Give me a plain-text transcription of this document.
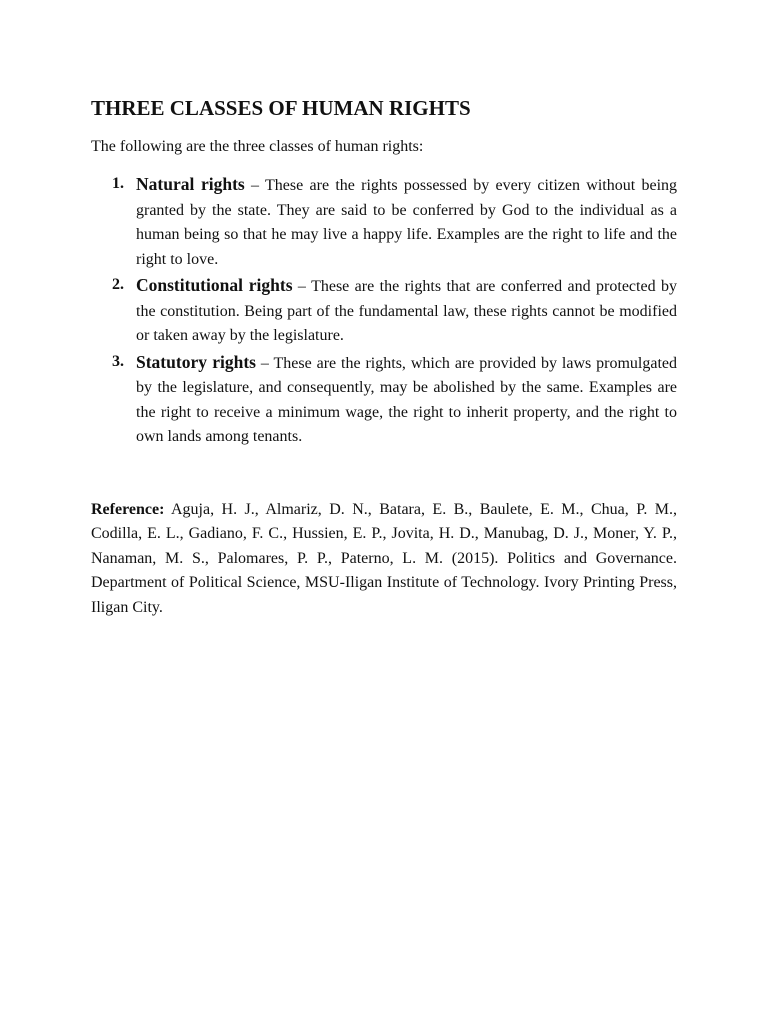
THREE CLASSES OF HUMAN RIGHTS

The following are the three classes of human rights:

1. Natural rights – These are the rights possessed by every citizen without being granted by the state. They are said to be conferred by God to the individual as a human being so that he may live a happy life. Examples are the right to life and the right to love.
2. Constitutional rights – These are the rights that are conferred and protected by the constitution. Being part of the fundamental law, these rights cannot be modified or taken away by the legislature.
3. Statutory rights – These are the rights, which are provided by laws promulgated by the legislature, and consequently, may be abolished by the same. Examples are the right to receive a minimum wage, the right to inherit property, and the right to own lands among tenants.

Reference: Aguja, H. J., Almariz, D. N., Batara, E. B., Baulete, E. M., Chua, P. M., Codilla, E. L., Gadiano, F. C., Hussien, E. P., Jovita, H. D., Manubag, D. J., Moner, Y. P., Nanaman, M. S., Palomares, P. P., Paterno, L. M. (2015). Politics and Governance. Department of Political Science, MSU-Iligan Institute of Technology. Ivory Printing Press, Iligan City.
